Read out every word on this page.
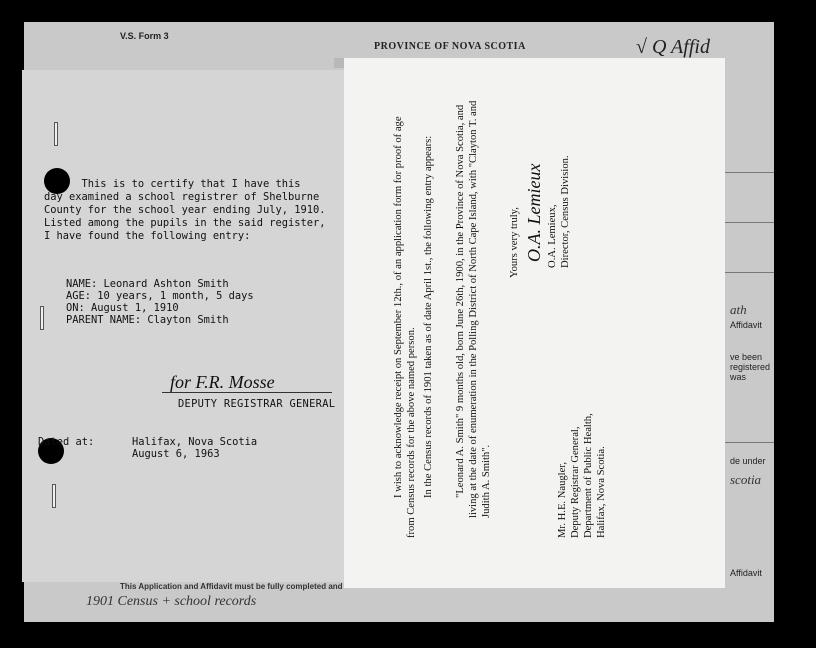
V.S. Form 3
PROVINCE OF NOVA SCOTIA	√ Q Affid
ath
Affidavit
ve been registered was
de under
scotia
Affidavit
This Application and Affidavit must be fully completed and
1901 Census + school records
This is to certify that I have this
day examined a school registrer of Shelburne
County for the school year ending July, 1910.
Listed among the pupils in the said register,
I have found the following entry:
NAME: Leonard Ashton Smith
AGE: 10 years, 1 month, 5 days
ON: August 1, 1910
PARENT NAME: Clayton Smith
for F.R. Mosse
DEPUTY REGISTRAR GENERAL
Dated at:	Halifax, Nova Scotia
August 6, 1963	I wish to acknowledge receipt on September 12th., of an application form for proof of age from Census records for the above named person. In the Census records of 1901 taken as of date April 1st., the following entry appears: "Leonard A. Smith" 9 months old, born June 26th, 1900, in the Province of Nova Scotia, and living at the date of enumeration in the Polling District of North Cape Island, with "Clayton T. and Judith A. Smith".
Yours very truly, O.A. Lemieux O.A. Lemieux,
Director, Census Division.
Mr. H.E. Naugler,
Deputy Registrar General,
Department of Public Health,
Halifax, Nova Scotia.
